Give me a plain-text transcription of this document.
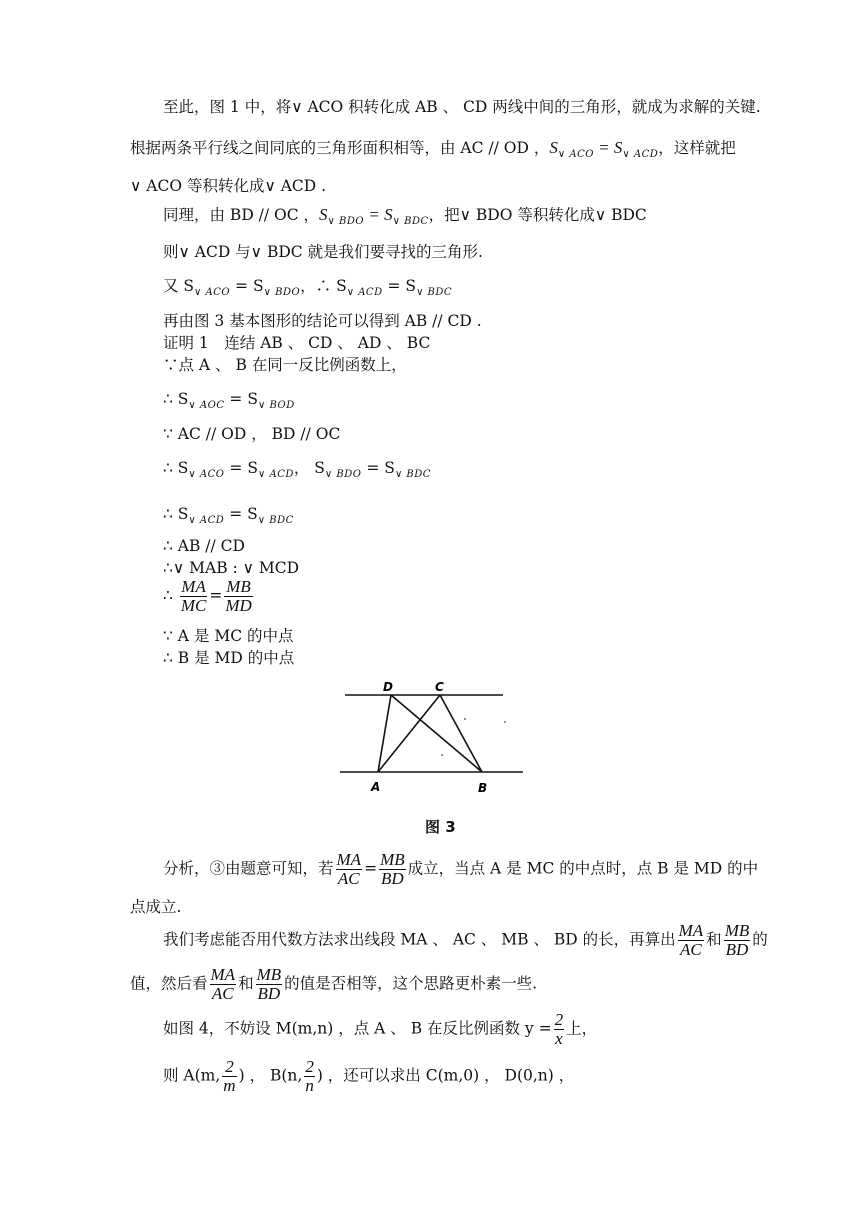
至此，图 1 中，将∨ ACO 积转化成 AB 、 CD 两线中间的三角形，就成为求解的关键.
根据两条平行线之间同底的三角形面积相等，由 AC // OD ，$S_{\vee ACO} = S_{\vee ACD}$，这样就把
∨ ACO 等积转化成∨ ACD .
同理，由 BD // OC ，$S_{\vee BDO} = S_{\vee BDC}$，把∨ BDO 等积转化成∨ BDC
则∨ ACD 与∨ BDC 就是我们要寻找的三角形.
又 $S_{\vee ACO} = S_{\vee BDO}$，∴ $S_{\vee ACD} = S_{\vee BDC}$
再由图 3 基本图形的结论可以得到 AB // CD .
证明 1　连结 AB 、 CD 、 AD 、 BC
∵点 A 、 B 在同一反比例函数上，
∴ $S_{\vee AOC} = S_{\vee BOD}$
∵ AC // OD ， BD // OC
∴ $S_{\vee ACO} = S_{\vee ACD}$， $S_{\vee BDO} = S_{\vee BDC}$
∴ $S_{\vee ACD} = S_{\vee BDC}$
∴ AB // CD
∴∨ MAB : ∨ MCD
∴ $\frac{MA}{MC} = \frac{MB}{MD}$
∵ A 是 MC 的中点
∴ B 是 MD 的中点
D	C
A	B
图 3
分析，③由题意可知，若 $\frac{MA}{AC} = \frac{MB}{BD}$ 成立，当点 A 是 MC 的中点时，点 B 是 MD 的中
点成立.
我们考虑能否用代数方法求出线段 MA 、 AC 、 MB 、 BD 的长，再算出 $\frac{MA}{AC}$ 和 $\frac{MB}{BD}$ 的
值，然后看 $\frac{MA}{AC}$ 和 $\frac{MB}{BD}$ 的值是否相等，这个思路更朴素一些.
如图 4，不妨设 M(m,n) ，点 A 、 B 在反比例函数 $y = \frac{2}{x}$ 上，
则 A(m, $\frac{2}{m}$ ) ， B(n, $\frac{2}{n}$ ) ，还可以求出 C(m,0) ， D(0,n) ，
